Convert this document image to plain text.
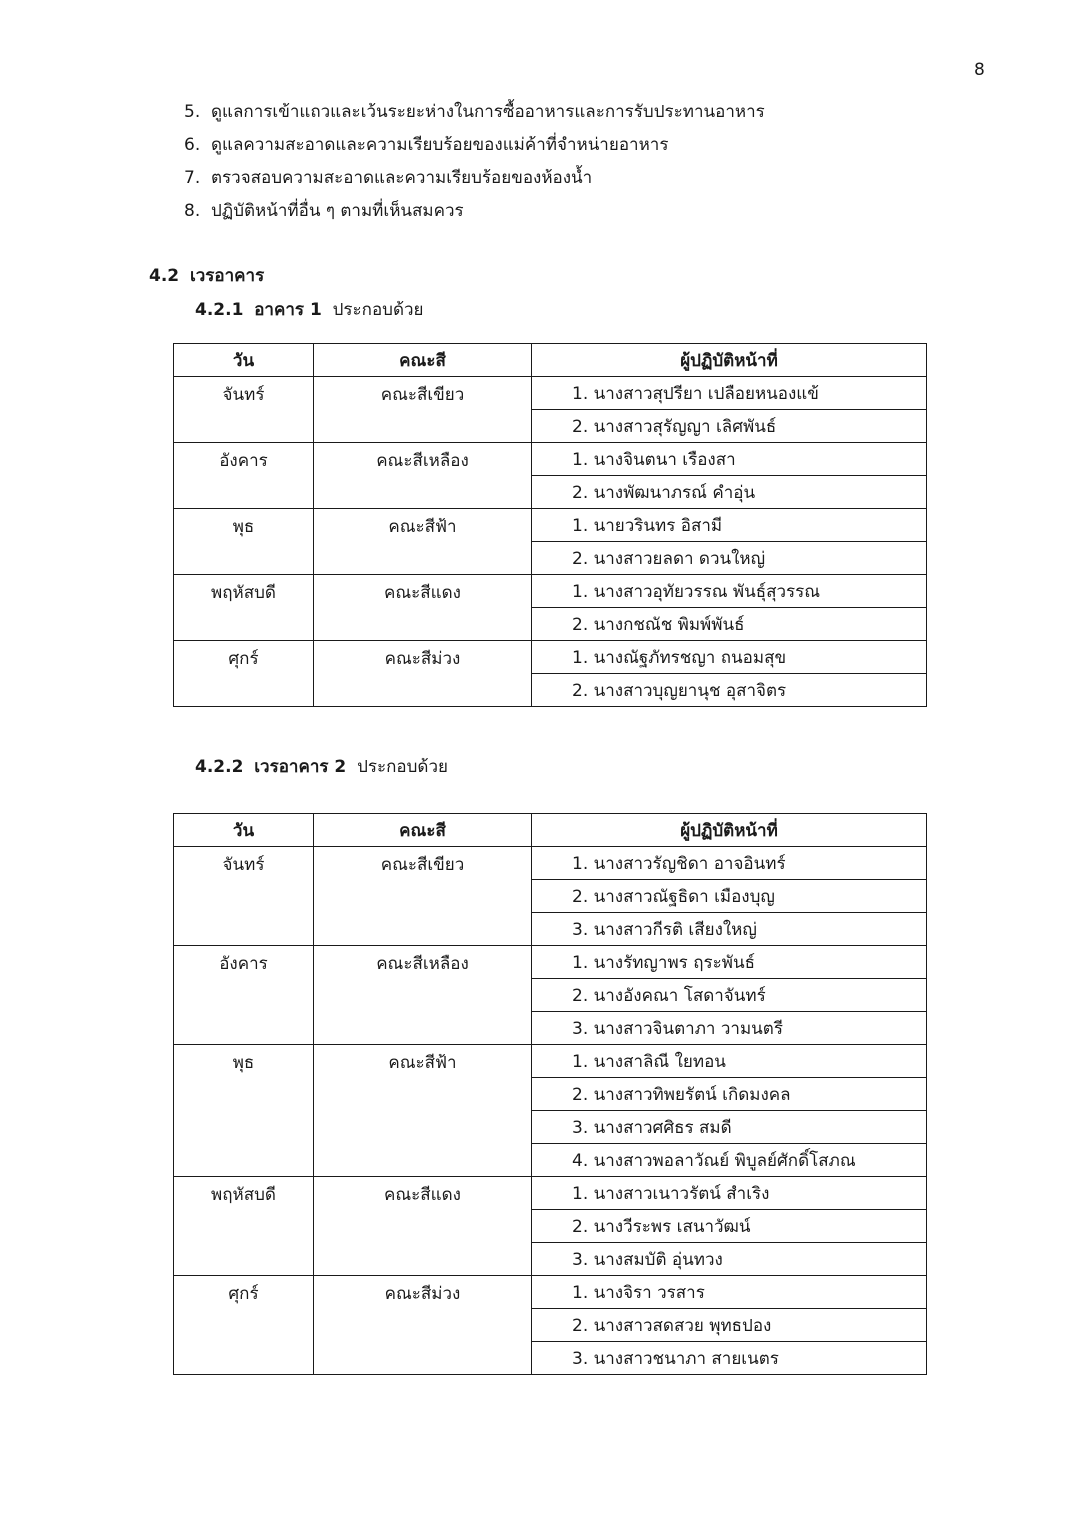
8
5. ดูแลการเข้าแถวและเว้นระยะห่างในการซื้ออาหารและการรับประทานอาหาร
6. ดูแลความสะอาดและความเรียบร้อยของแม่ค้าที่จำหน่ายอาหาร
7. ตรวจสอบความสะอาดและความเรียบร้อยของห้องน้ำ
8. ปฏิบัติหน้าที่อื่น ๆ ตามที่เห็นสมควร
4.2 เวรอาคาร
4.2.1 อาคาร 1 ประกอบด้วย
วัน	คณะสี	ผู้ปฏิบัติหน้าที่
จันทร์	คณะสีเขียว	1. นางสาวสุปรียา เปลือยหนองแข้
		2. นางสาวสุรัญญา เลิศพันธ์
อังคาร	คณะสีเหลือง	1. นางจินตนา เรืองสา
		2. นางพัฒนาภรณ์ คำอุ่น
พุธ	คณะสีฟ้า	1. นายวรินทร อิสามี
		2. นางสาวยลดา ดวนใหญ่
พฤหัสบดี	คณะสีแดง	1. นางสาวอุทัยวรรณ พันธุ์สุวรรณ
		2. นางกชณัช พิมพ์พันธ์
ศุกร์	คณะสีม่วง	1. นางณัฐภัทรชญา ถนอมสุข
		2. นางสาวบุญยานุช อุสาจิตร
4.2.2 เวรอาคาร 2 ประกอบด้วย
วัน	คณะสี	ผู้ปฏิบัติหน้าที่
จันทร์	คณะสีเขียว	1. นางสาวรัญชิดา อาจอินทร์
		2. นางสาวณัฐธิดา เมืองบุญ
		3. นางสาวกีรติ เสียงใหญ่
อังคาร	คณะสีเหลือง	1. นางรัทญาพร ฤระพันธ์
		2. นางอังคณา โสดาจันทร์
		3. นางสาวจินตาภา วามนตรี
พุธ	คณะสีฟ้า	1. นางสาลิณี ใยทอน
		2. นางสาวทิพยรัตน์ เกิดมงคล
		3. นางสาวศศิธร สมดี
		4. นางสาวพอลาวัณย์ พิบูลย์ศักดิ์โสภณ
พฤหัสบดี	คณะสีแดง	1. นางสาวเนาวรัตน์ สำเริง
		2. นางวีระพร เสนาวัฒน์
		3. นางสมบัติ อุ่นทวง
ศุกร์	คณะสีม่วง	1. นางจิรา วรสาร
		2. นางสาวสดสวย พุทธปอง
		3. นางสาวชนาภา สายเนตร
